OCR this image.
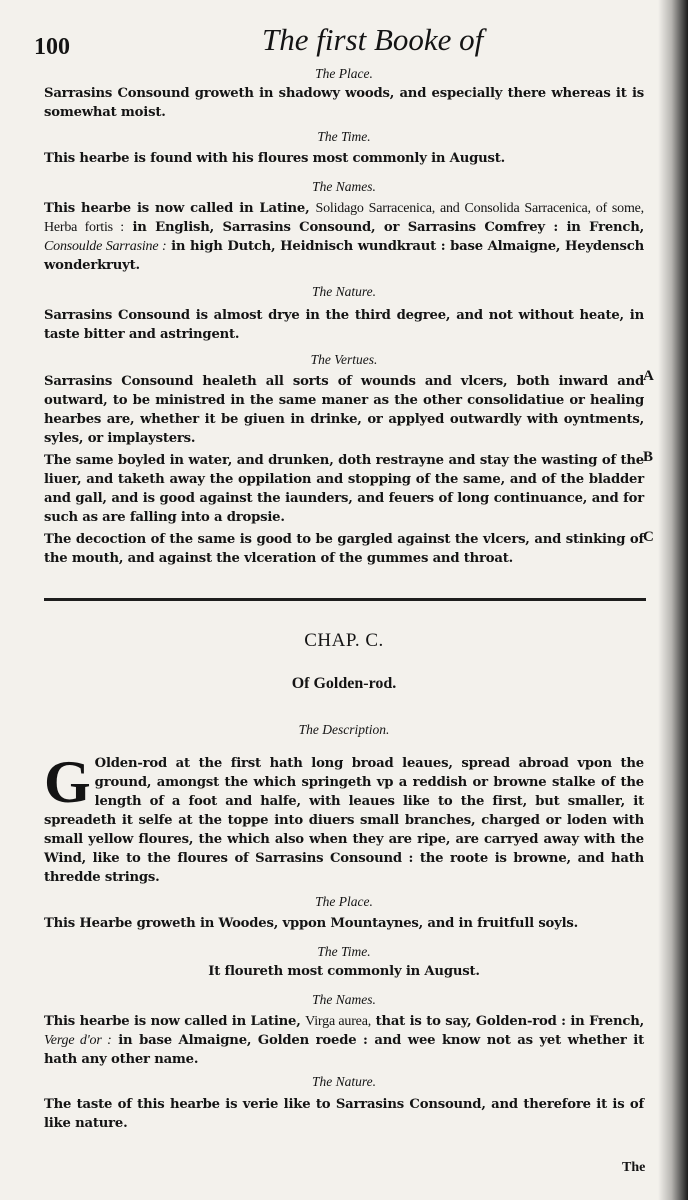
100	The first Booke of

The Place.

Sarrasins Consound groweth in shadowy woods, and especially there whereas it is somewhat moist.

The Time.

This hearbe is found with his floures most commonly in August.

The Names.

This hearbe is now called in Latine, Solidago Sarracenica, and Consolida Sarracenica, of some, Herba fortis : in English, Sarrasins Consound, or Sarrasins Comfrey : in French, Consoulde Sarrasine : in high Dutch, Heidnisch wundkraut : base Almaigne, Heydensch wonderkruyt.

The Nature.

Sarrasins Consound is almost drye in the third degree, and not without heate, in taste bitter and astringent.

The Vertues.

Sarrasins Consound healeth all sorts of wounds and vlcers, both inward and outward, to be ministred in the same maner as the other consolidatiue or healing hearbes are, whether it be giuen in drinke, or applyed outwardly with oyntments, syles, or implaysters.

The same boyled in water, and drunken, doth restrayne and stay the wasting of the liuer, and taketh away the oppilation and stopping of the same, and of the bladder and gall, and is good against the iaunders, and feuers of long continuance, and for such as are falling into a dropsie.

The decoction of the same is good to be gargled against the vlcers, and stinking of the mouth, and against the vlceration of the gummes and throat.

A
B
C
CHAP. C.
Of Golden-rod.

The Description.

G Olden-rod at the first hath long broad leaues, spread abroad vpon the ground, amongst the which springeth vp a reddish or browne stalke of the length of a foot and halfe, with leaues like to the first, but smaller, it spreadeth it selfe at the toppe into diuers small branches, charged or loden with small yellow floures, the which also when they are ripe, are carryed away with the Wind, like to the floures of Sarrasins Consound : the roote is browne, and hath thredde strings.

The Place.

This Hearbe groweth in Woodes, vppon Mountaynes, and in fruitfull soyls.

The Time.

It floureth most commonly in August.

The Names.

This hearbe is now called in Latine, Virga aurea, that is to say, Golden-rod : in French, Verge d'or : in base Almaigne, Golden roede : and wee know not as yet whether it hath any other name.

The Nature.

The taste of this hearbe is verie like to Sarrasins Consound, and therefore it is of like nature.

The
